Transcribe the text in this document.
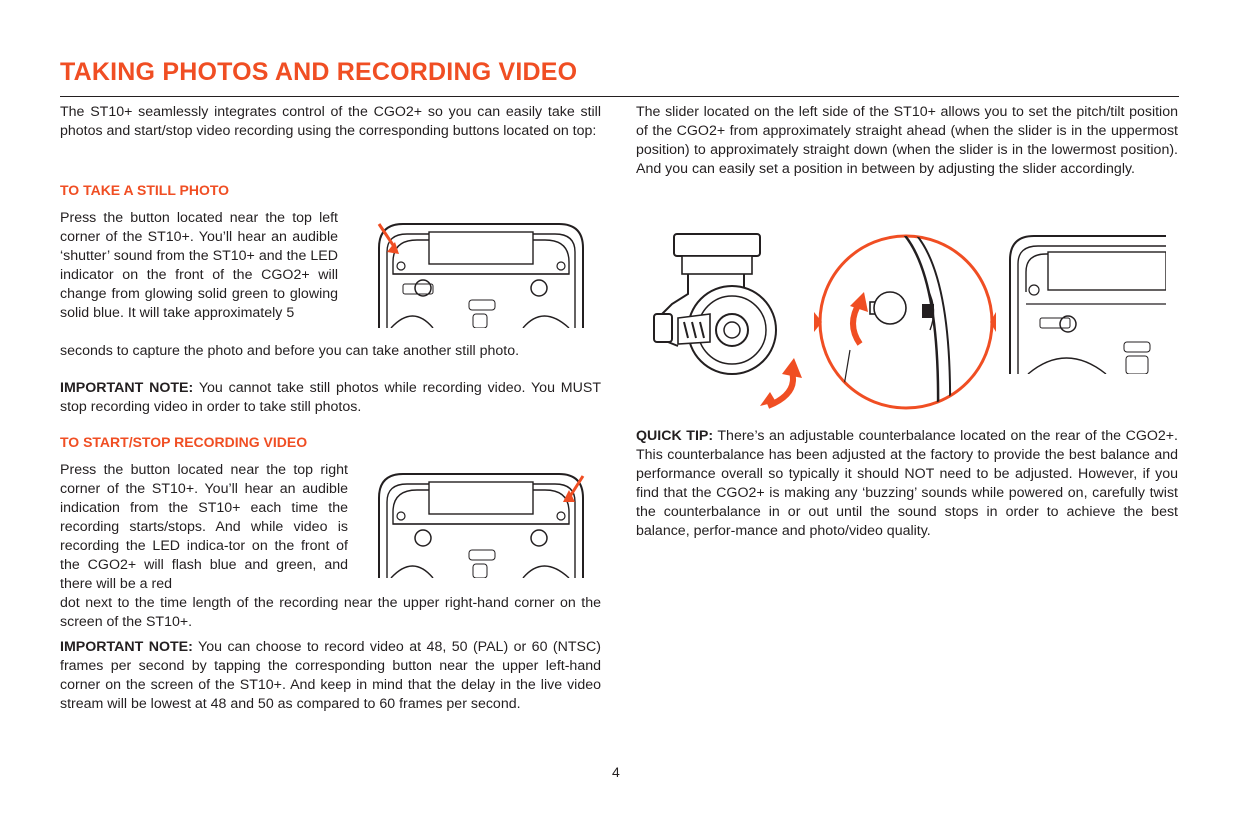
TAKING PHOTOS AND RECORDING VIDEO

The ST10+ seamlessly integrates control of the CGO2+ so you can easily take still photos and start/stop video recording using the corresponding buttons located on top:

TO TAKE A STILL PHOTO

Press the button located near the top left corner of the ST10+. You’ll hear an audible ‘shutter’ sound from the ST10+ and the LED indicator on the front of the CGO2+ will change from glowing solid green to glowing solid blue. It will take approximately 5

seconds to capture the photo and before you can take another still photo.

IMPORTANT NOTE: You cannot take still photos while recording video. You MUST stop recording video in order to take still photos.

TO START/STOP RECORDING VIDEO

Press the button located near the top right corner of the ST10+. You’ll hear an audible indication from the ST10+ each time the recording starts/stops. And while video is recording the LED indica-tor on the front of the CGO2+ will flash blue and green, and there will be a red

dot next to the time length of the recording near the upper right-hand corner on the screen of the ST10+.

IMPORTANT NOTE: You can choose to record video at 48, 50 (PAL) or 60 (NTSC) frames per second by tapping the corresponding button near the upper left-hand corner on the screen of the ST10+. And keep in mind that the delay in the live video stream will be lowest at 48 and 50 as compared to 60 frames per second.

The slider located on the left side of the ST10+ allows you to set the pitch/tilt position of the CGO2+ from approximately straight ahead (when the slider is in the uppermost position) to approximately straight down (when the slider is in the lowermost position). And you can easily set a position in between by adjusting the slider accordingly.

QUICK TIP: There’s an adjustable counterbalance located on the rear of the CGO2+. This counterbalance has been adjusted at the factory to provide the best balance and performance overall so typically it should NOT need to be adjusted. However, if you find that the CGO2+ is making any ‘buzzing’ sounds while powered on, carefully twist the counterbalance in or out until the sound stops in order to achieve the best balance, perfor-mance and photo/video quality.

4
